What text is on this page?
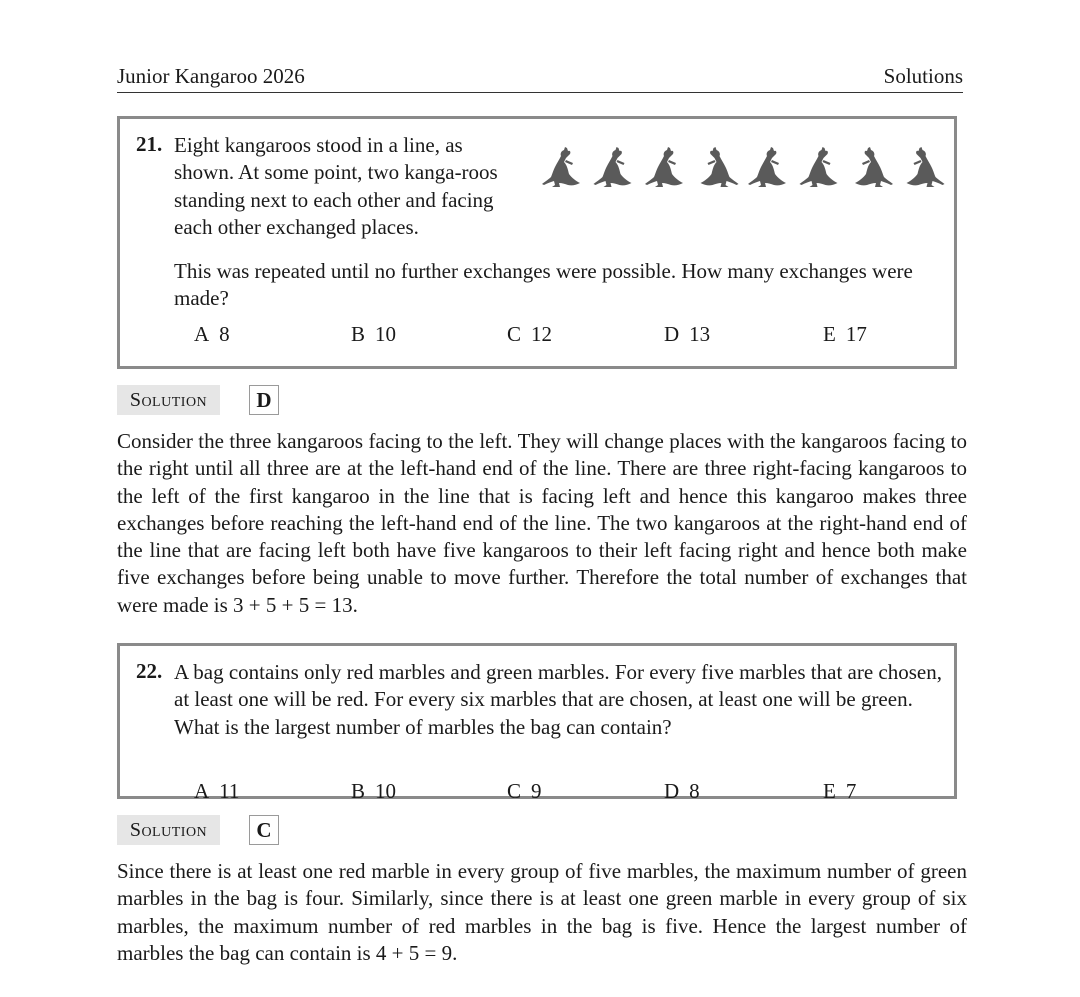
Junior Kangaroo 2026	Solutions
21. Eight kangaroos stood in a line, as shown. At some point, two kanga-roos standing next to each other and facing each other exchanged places.
This was repeated until no further exchanges were possible. How many exchanges were made?
A 8	B 10	C 12	D 13	E 17
Solution	D
Consider the three kangaroos facing to the left. They will change places with the kangaroos facing to the right until all three are at the left-hand end of the line. There are three right-facing kangaroos to the left of the first kangaroo in the line that is facing left and hence this kangaroo makes three exchanges before reaching the left-hand end of the line. The two kangaroos at the right-hand end of the line that are facing left both have five kangaroos to their left facing right and hence both make five exchanges before being unable to move further. Therefore the total number of exchanges that were made is 3 + 5 + 5 = 13.
22. A bag contains only red marbles and green marbles. For every five marbles that are chosen, at least one will be red. For every six marbles that are chosen, at least one will be green. What is the largest number of marbles the bag can contain?
A 11	B 10	C 9	D 8	E 7
Solution	C
Since there is at least one red marble in every group of five marbles, the maximum number of green marbles in the bag is four. Similarly, since there is at least one green marble in every group of six marbles, the maximum number of red marbles in the bag is five. Hence the largest number of marbles the bag can contain is 4 + 5 = 9.
